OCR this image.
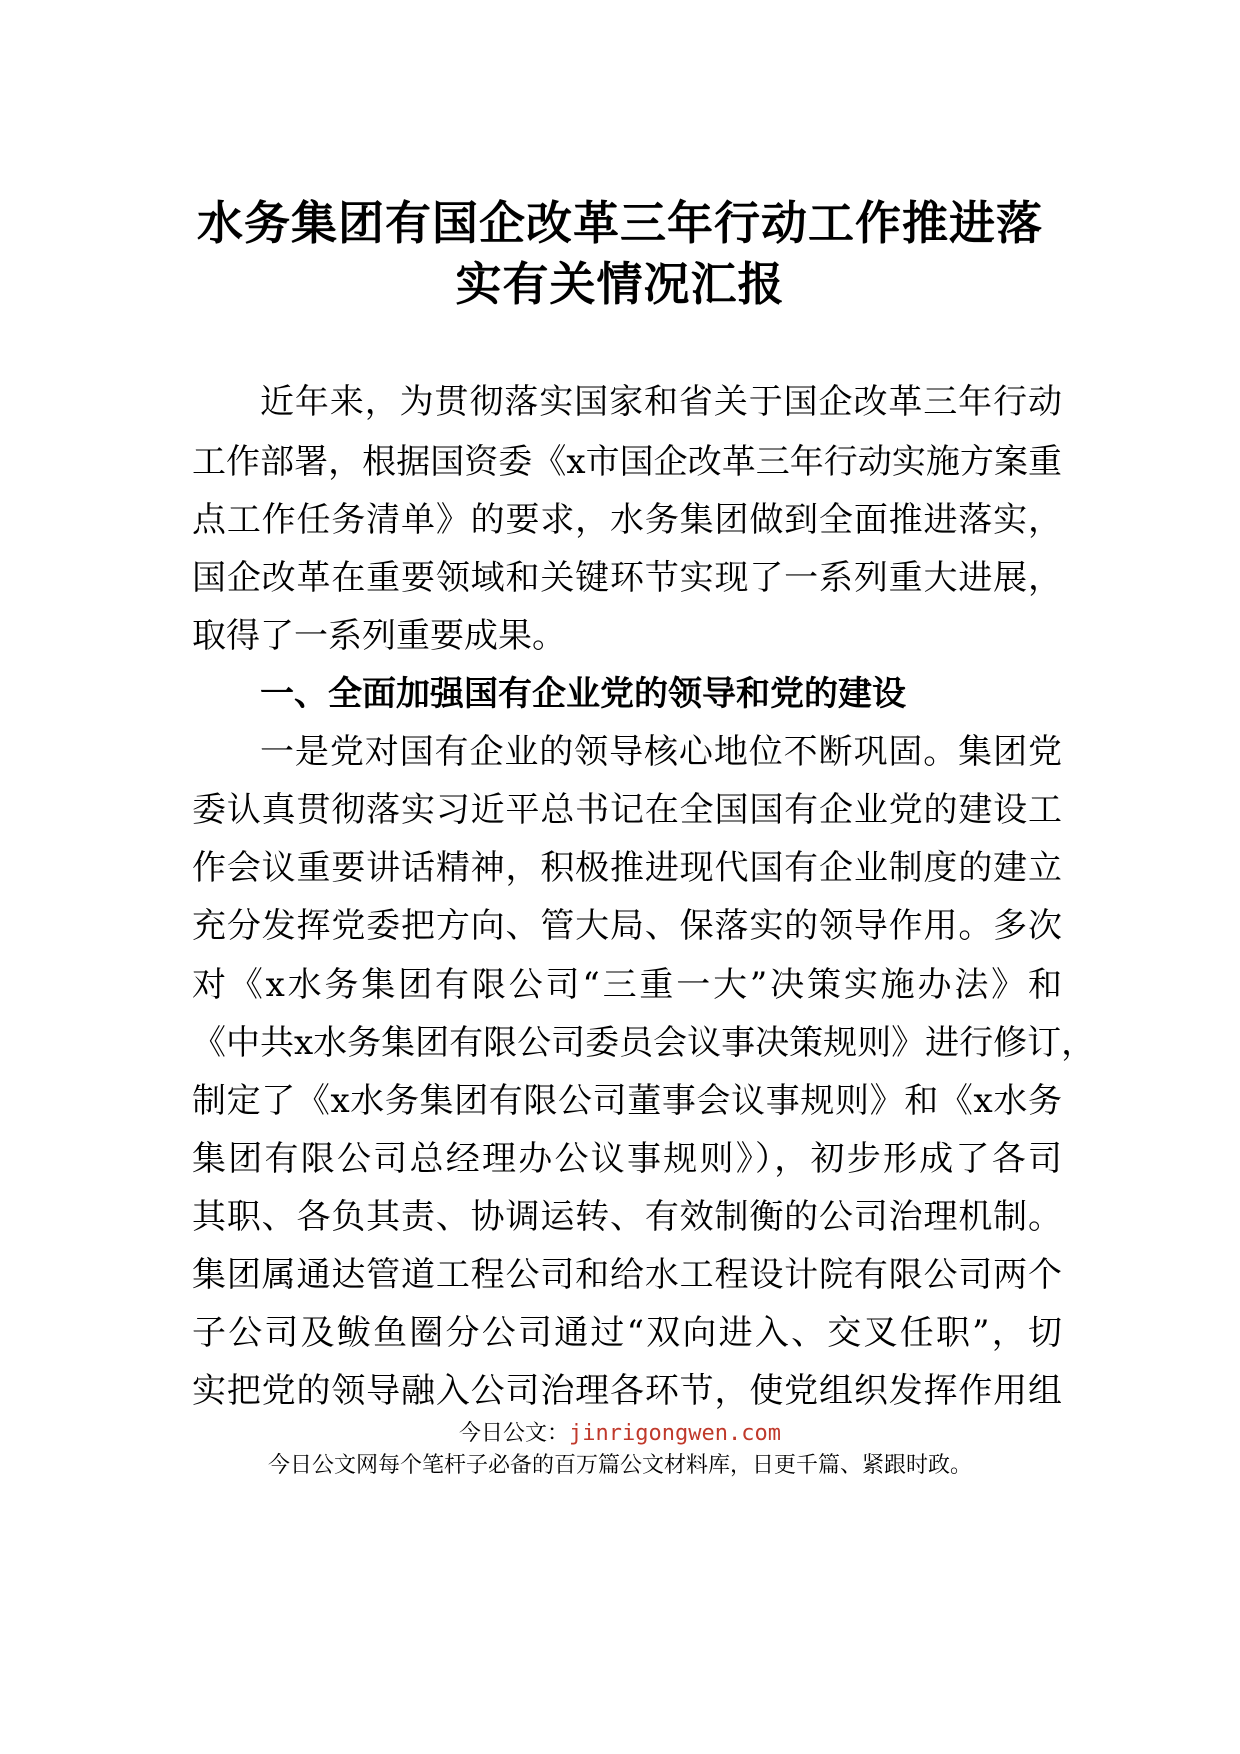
水务集团有国企改革三年行动工作推进落
实有关情况汇报

近年来，为贯彻落实国家和省关于国企改革三年行动

工作部署，根据国资委《x市国企改革三年行动实施方案重

点工作任务清单》的要求，水务集团做到全面推进落实，

国企改革在重要领域和关键环节实现了一系列重大进展，

取得了一系列重要成果。

一、全面加强国有企业党的领导和党的建设

一是党对国有企业的领导核心地位不断巩固。集团党

委认真贯彻落实习近平总书记在全国国有企业党的建设工

作会议重要讲话精神，积极推进现代国有企业制度的建立

充分发挥党委把方向、管大局、保落实的领导作用。多次

对《x水务集团有限公司“三重一大”决策实施办法》和

《中共x水务集团有限公司委员会议事决策规则》进行修订，

制定了《x水务集团有限公司董事会议事规则》和《x水务

集团有限公司总经理办公议事规则》），初步形成了各司

其职、各负其责、协调运转、有效制衡的公司治理机制。

集团属通达管道工程公司和给水工程设计院有限公司两个

子公司及鲅鱼圈分公司通过“双向进入、交叉任职”，切

实把党的领导融入公司治理各环节，使党组织发挥作用组

今日公文：jinrigongwen.com
今日公文网每个笔杆子必备的百万篇公文材料库，日更千篇、紧跟时政。
